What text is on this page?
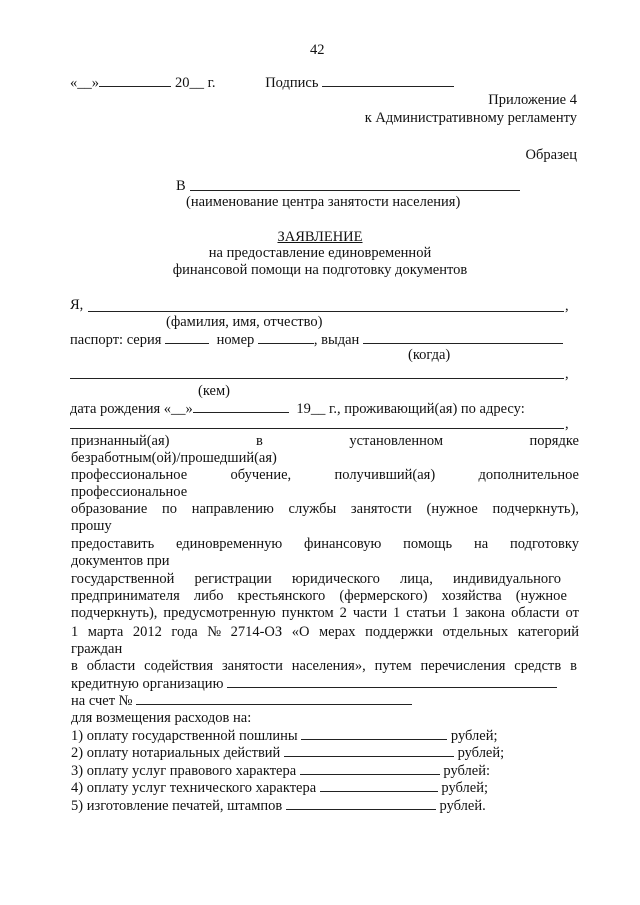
42
«__»	20__ г.	Подпись
Приложение 4
к Административному регламенту
Образец
В
(наименование центра занятости населения)
ЗАЯВЛЕНИЕ
на предоставление единовременной
финансовой помощи на подготовку документов
Я,	,
(фамилия, имя, отчество)
паспорт: серия	номер	, выдан
(когда)
,
(кем)
дата рождения «__»	19__ г., проживающий(ая) по адресу:
,
признанный(ая)	в	установленном	порядке
безработным(ой)/прошедший(ая)
профессиональное	обучение,	получивший(ая)	дополнительное
профессиональное
образование по направлению службы занятости (нужное подчеркнуть),
прошу
предоставить единовременную финансовую помощь на подготовку
документов при
государственной регистрации юридического лица, индивидуального
предпринимателя либо крестьянского (фермерского) хозяйства (нужное
подчеркнуть), предусмотренную пунктом 2 части 1 статьи 1 закона области от
1 марта 2012 года № 2714-ОЗ «О мерах поддержки отдельных категорий
граждан
в области содействия занятости населения», путем перечисления средств в
кредитную организацию
на счет №
для возмещения расходов на:
1) оплату государственной пошлины	рублей;
2) оплату нотариальных действий	рублей;
3) оплату услуг правового характера	рублей:
4) оплату услуг технического характера	рублей;
5) изготовление печатей, штампов	рублей.
